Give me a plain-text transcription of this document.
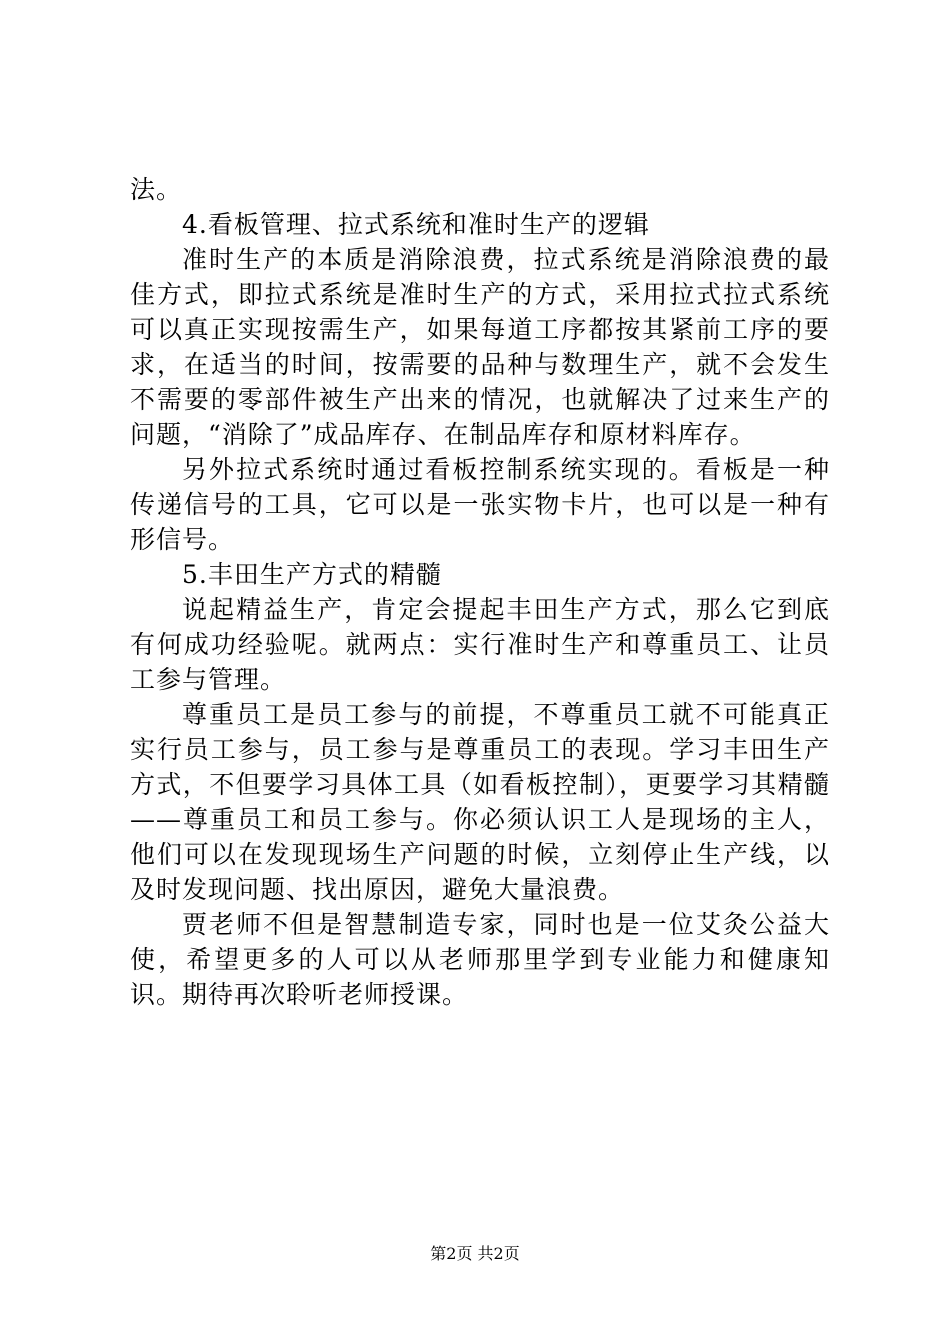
法。

4.看板管理、拉式系统和准时生产的逻辑

准时生产的本质是消除浪费，拉式系统是消除浪费的最佳方式，即拉式系统是准时生产的方式，采用拉式拉式系统可以真正实现按需生产，如果每道工序都按其紧前工序的要求，在适当的时间，按需要的品种与数理生产，就不会发生不需要的零部件被生产出来的情况，也就解决了过来生产的问题，“消除了”成品库存、在制品库存和原材料库存。

另外拉式系统时通过看板控制系统实现的。看板是一种传递信号的工具，它可以是一张实物卡片，也可以是一种有形信号。

5.丰田生产方式的精髓

说起精益生产，肯定会提起丰田生产方式，那么它到底有何成功经验呢。就两点：实行准时生产和尊重员工、让员工参与管理。

尊重员工是员工参与的前提，不尊重员工就不可能真正实行员工参与，员工参与是尊重员工的表现。学习丰田生产方式，不但要学习具体工具（如看板控制），更要学习其精髓——尊重员工和员工参与。你必须认识工人是现场的主人，他们可以在发现现场生产问题的时候，立刻停止生产线，以及时发现问题、找出原因，避免大量浪费。

贾老师不但是智慧制造专家，同时也是一位艾灸公益大使，希望更多的人可以从老师那里学到专业能力和健康知识。期待再次聆听老师授课。

第2页 共2页
